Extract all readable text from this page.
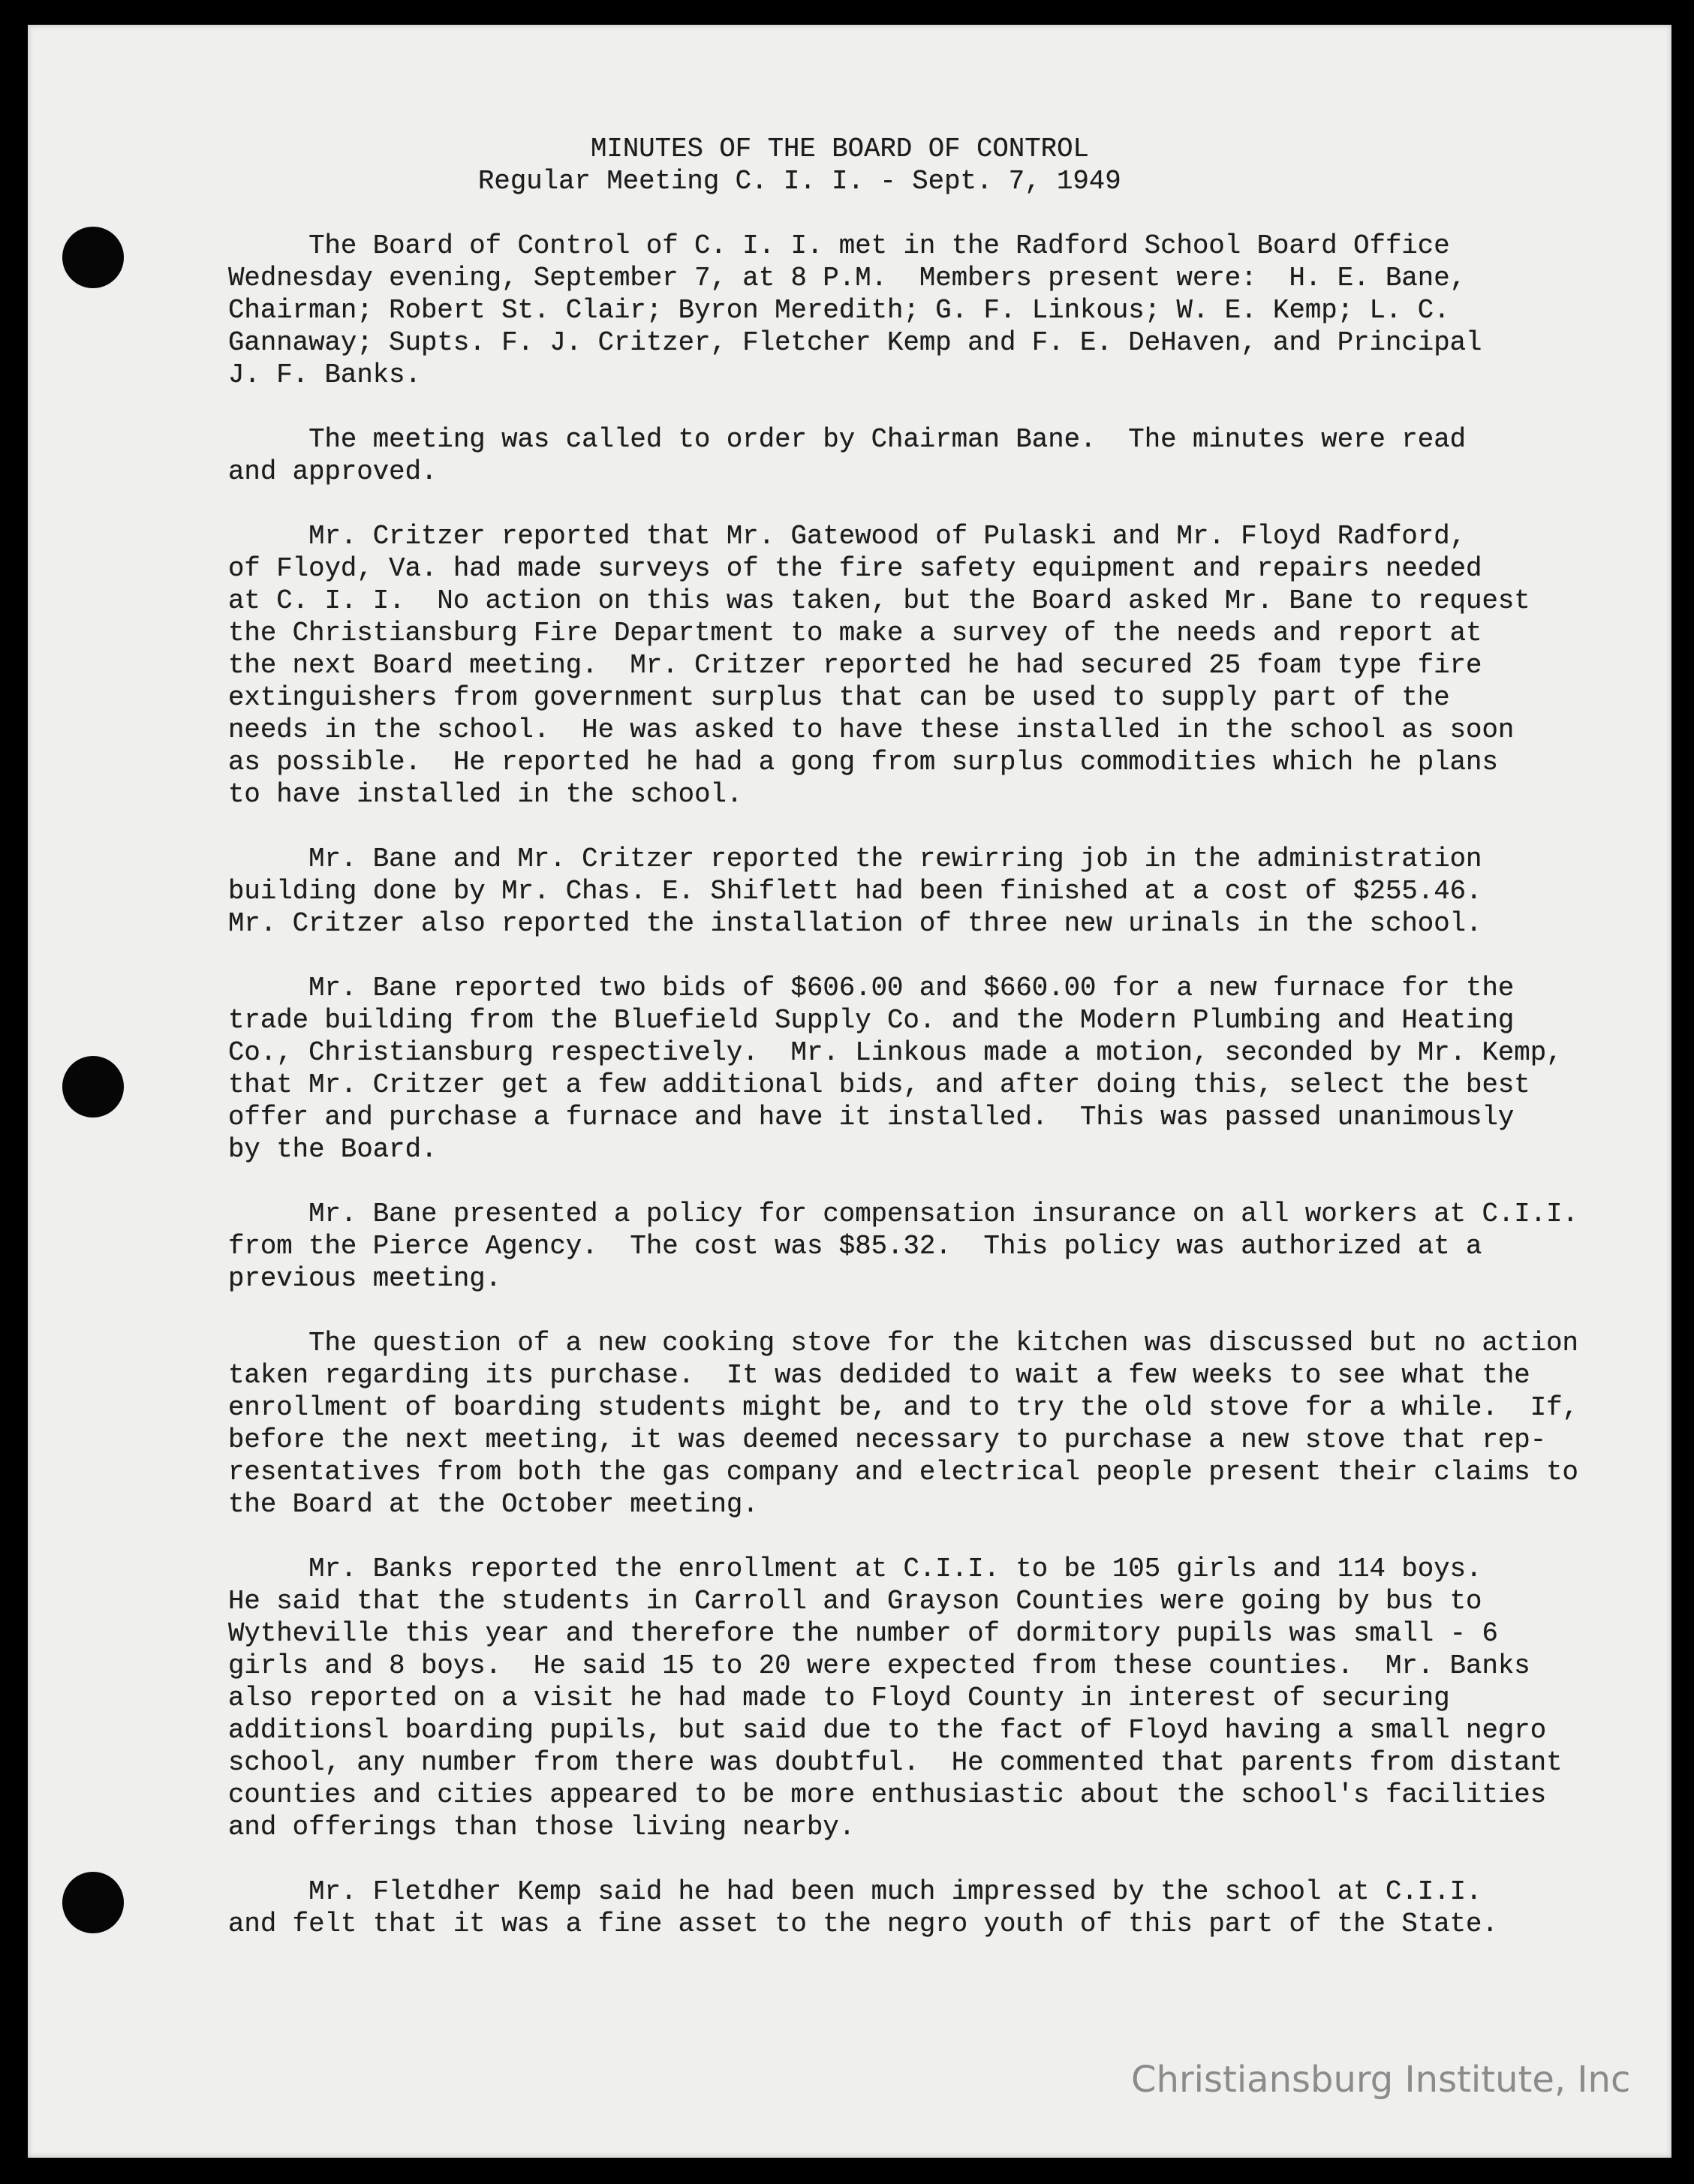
MINUTES OF THE BOARD OF CONTROL
Regular Meeting C. I. I. - Sept. 7, 1949
The Board of Control of C. I. I. met in the Radford School Board Office
Wednesday evening, September 7, at 8 P.M.  Members present were:  H. E. Bane,
Chairman; Robert St. Clair; Byron Meredith; G. F. Linkous; W. E. Kemp; L. C.
Gannaway; Supts. F. J. Critzer, Fletcher Kemp and F. E. DeHaven, and Principal
J. F. Banks.
The meeting was called to order by Chairman Bane.  The minutes were read
and approved.
Mr. Critzer reported that Mr. Gatewood of Pulaski and Mr. Floyd Radford,
of Floyd, Va. had made surveys of the fire safety equipment and repairs needed
at C. I. I.  No action on this was taken, but the Board asked Mr. Bane to request
the Christiansburg Fire Department to make a survey of the needs and report at
the next Board meeting.  Mr. Critzer reported he had secured 25 foam type fire
extinguishers from government surplus that can be used to supply part of the
needs in the school.  He was asked to have these installed in the school as soon
as possible.  He reported he had a gong from surplus commodities which he plans
to have installed in the school.
Mr. Bane and Mr. Critzer reported the rewirring job in the administration
building done by Mr. Chas. E. Shiflett had been finished at a cost of $255.46.
Mr. Critzer also reported the installation of three new urinals in the school.
Mr. Bane reported two bids of $606.00 and $660.00 for a new furnace for the
trade building from the Bluefield Supply Co. and the Modern Plumbing and Heating
Co., Christiansburg respectively.  Mr. Linkous made a motion, seconded by Mr. Kemp,
that Mr. Critzer get a few additional bids, and after doing this, select the best
offer and purchase a furnace and have it installed.  This was passed unanimously
by the Board.
Mr. Bane presented a policy for compensation insurance on all workers at C.I.I.
from the Pierce Agency.  The cost was $85.32.  This policy was authorized at a
previous meeting.
The question of a new cooking stove for the kitchen was discussed but no action
taken regarding its purchase.  It was dedided to wait a few weeks to see what the
enrollment of boarding students might be, and to try the old stove for a while.  If,
before the next meeting, it was deemed necessary to purchase a new stove that rep-
resentatives from both the gas company and electrical people present their claims to
the Board at the October meeting.
Mr. Banks reported the enrollment at C.I.I. to be 105 girls and 114 boys.
He said that the students in Carroll and Grayson Counties were going by bus to
Wytheville this year and therefore the number of dormitory pupils was small - 6
girls and 8 boys.  He said 15 to 20 were expected from these counties.  Mr. Banks
also reported on a visit he had made to Floyd County in interest of securing
additionsl boarding pupils, but said due to the fact of Floyd having a small negro
school, any number from there was doubtful.  He commented that parents from distant
counties and cities appeared to be more enthusiastic about the school's facilities
and offerings than those living nearby.
Mr. Fletdher Kemp said he had been much impressed by the school at C.I.I.
and felt that it was a fine asset to the negro youth of this part of the State.
Christiansburg Institute, Inc
